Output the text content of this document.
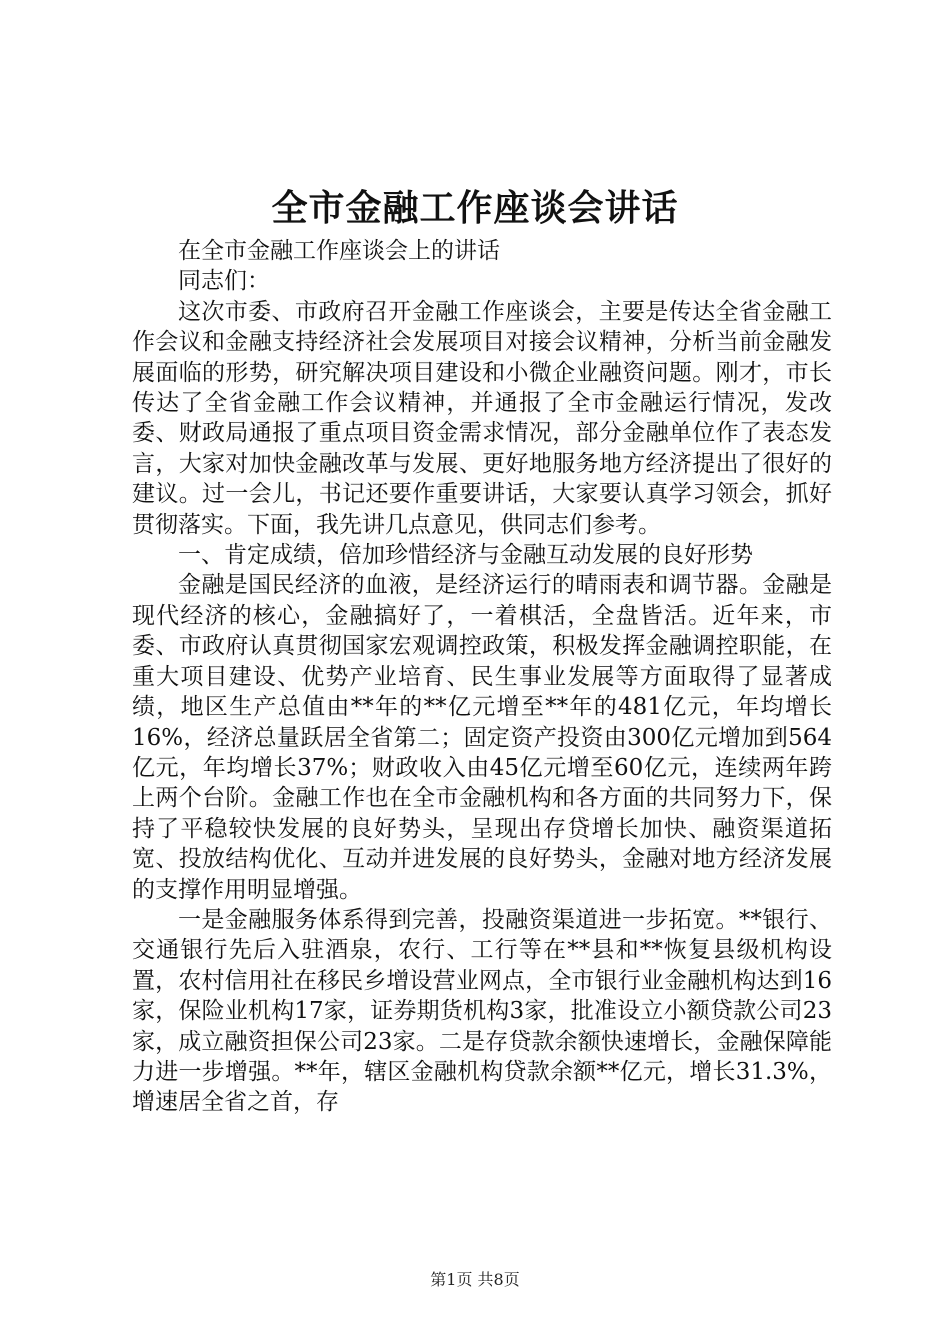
全市金融工作座谈会讲话

在全市金融工作座谈会上的讲话

同志们：

这次市委、市政府召开金融工作座谈会，主要是传达全省金融工作会议和金融支持经济社会发展项目对接会议精神，分析当前金融发展面临的形势，研究解决项目建设和小微企业融资问题。刚才，市长传达了全省金融工作会议精神，并通报了全市金融运行情况，发改委、财政局通报了重点项目资金需求情况，部分金融单位作了表态发言，大家对加快金融改革与发展、更好地服务地方经济提出了很好的建议。过一会儿，书记还要作重要讲话，大家要认真学习领会，抓好贯彻落实。下面，我先讲几点意见，供同志们参考。

一、肯定成绩，倍加珍惜经济与金融互动发展的良好形势

金融是国民经济的血液，是经济运行的晴雨表和调节器。金融是现代经济的核心，金融搞好了，一着棋活，全盘皆活。近年来，市委、市政府认真贯彻国家宏观调控政策，积极发挥金融调控职能，在重大项目建设、优势产业培育、民生事业发展等方面取得了显著成绩，地区生产总值由**年的**亿元增至**年的481亿元，年均增长16%，经济总量跃居全省第二；固定资产投资由300亿元增加到564亿元，年均增长37%；财政收入由45亿元增至60亿元，连续两年跨上两个台阶。金融工作也在全市金融机构和各方面的共同努力下，保持了平稳较快发展的良好势头，呈现出存贷增长加快、融资渠道拓宽、投放结构优化、互动并进发展的良好势头，金融对地方经济发展的支撑作用明显增强。

一是金融服务体系得到完善，投融资渠道进一步拓宽。**银行、交通银行先后入驻酒泉，农行、工行等在**县和**恢复县级机构设置，农村信用社在移民乡增设营业网点，全市银行业金融机构达到16家，保险业机构17家，证券期货机构3家，批准设立小额贷款公司23家，成立融资担保公司23家。二是存贷款余额快速增长，金融保障能力进一步增强。**年，辖区金融机构贷款余额**亿元，增长31.3%，增速居全省之首，存

第1页 共8页
